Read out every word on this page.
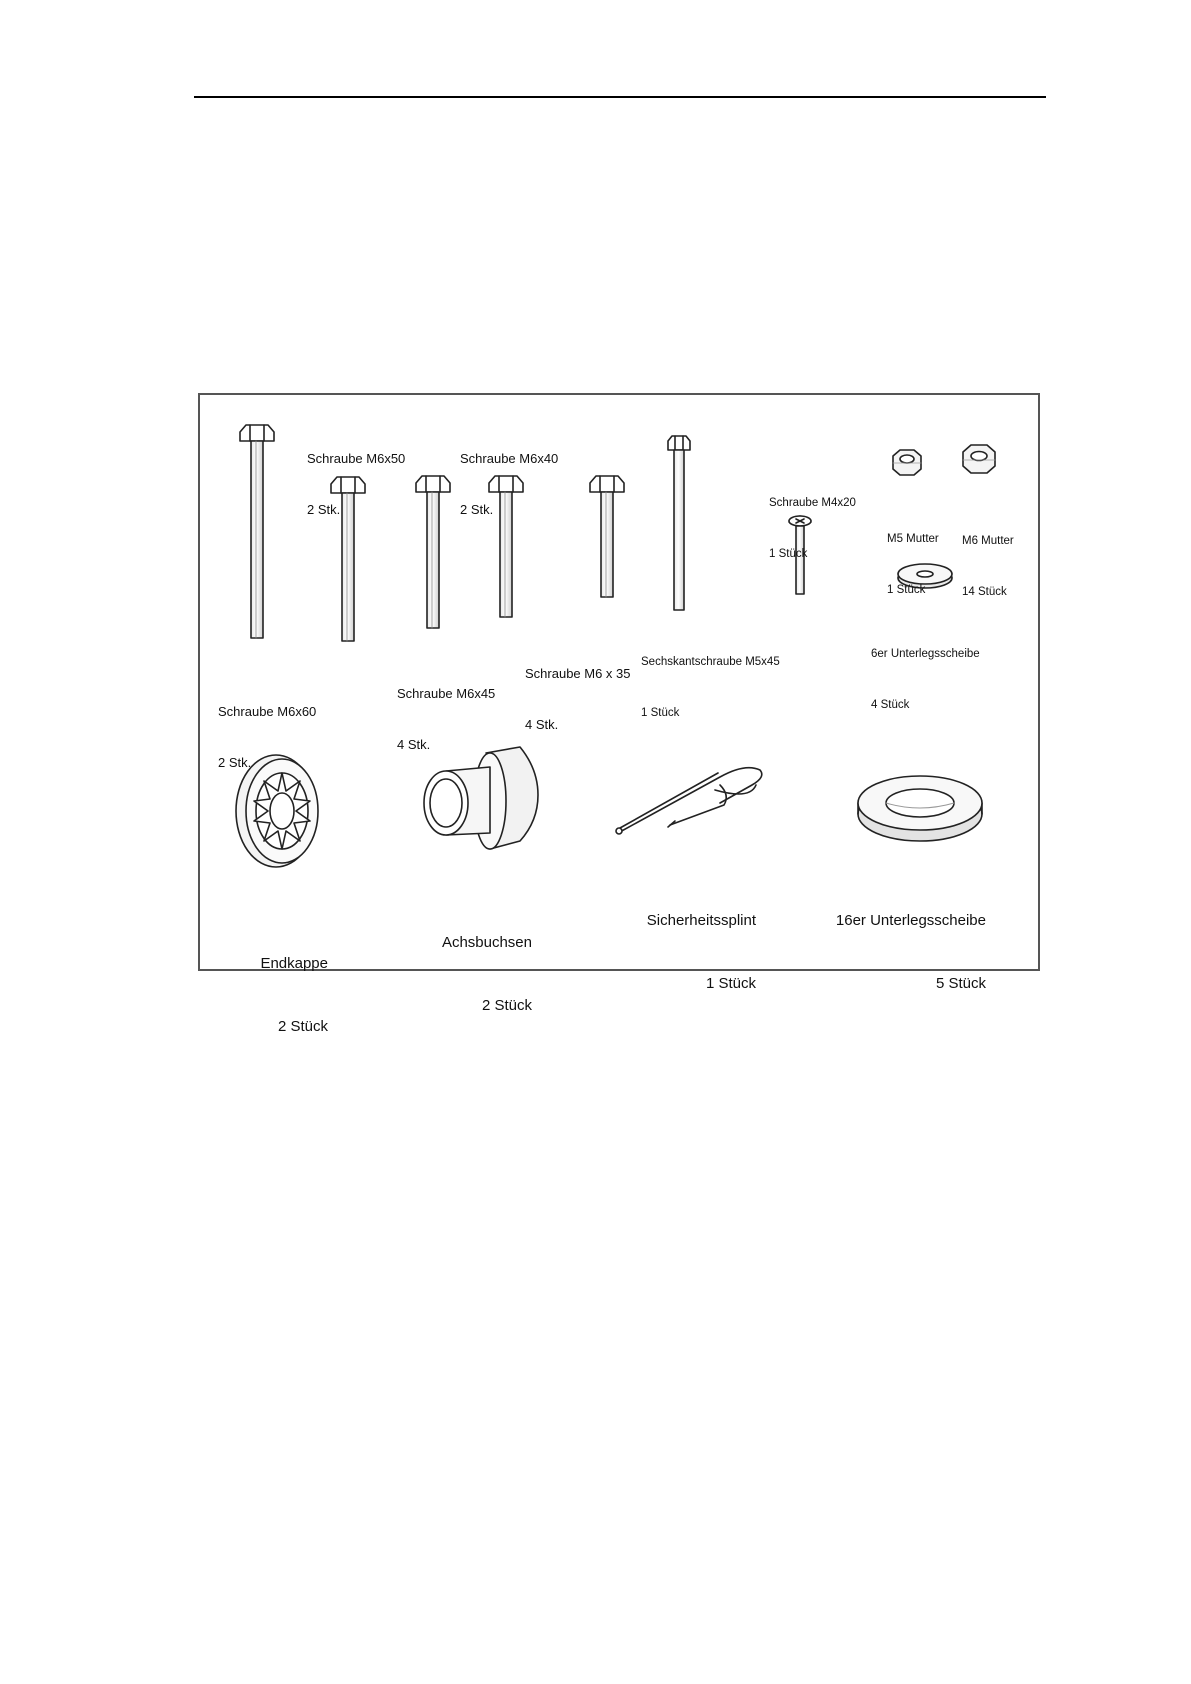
Schraube M6x60

2 Stk.

Schraube M6x50

2 Stk.

Schraube M6x40

2 Stk.

Schraube M6x45

4 Stk.

Schraube M6 x 35

4 Stk.

Sechskantschraube M5x45

1 Stück

Schraube M4x20

1 Stück

M5 Mutter

1 Stück

M6 Mutter

14 Stück

6er Unterlegsscheibe

4 Stück

Endkappe

2 Stück

Achsbuchsen

2 Stück

Sicherheitssplint

1 Stück

16er Unterlegsscheibe

5 Stück
